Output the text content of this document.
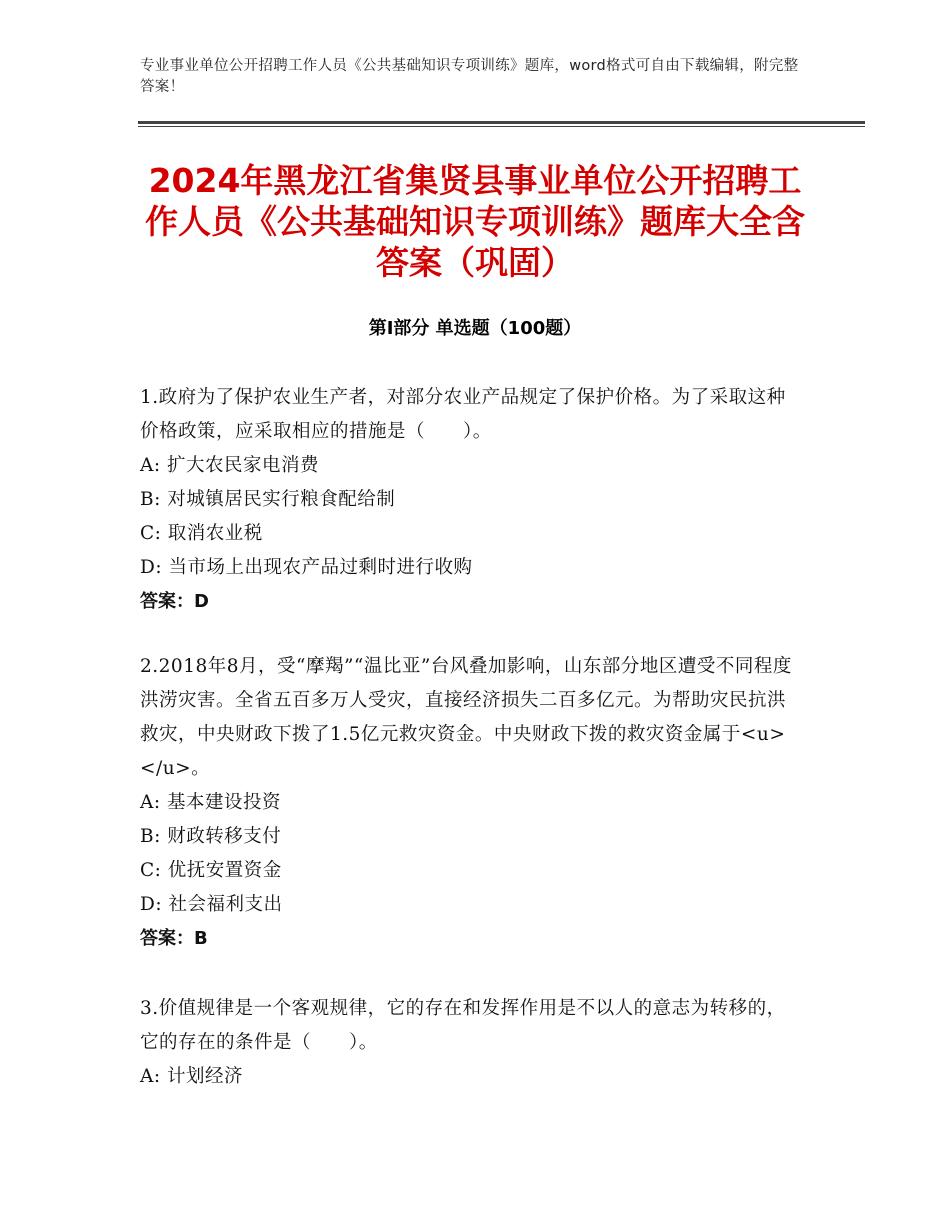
专业事业单位公开招聘工作人员《公共基础知识专项训练》题库，word格式可自由下载编辑，附完整答案！
2024年黑龙江省集贤县事业单位公开招聘工作人员《公共基础知识专项训练》题库大全含答案（巩固）
第Ⅰ部分 单选题（100题）
1.政府为了保护农业生产者，对部分农业产品规定了保护价格。为了采取这种价格政策，应采取相应的措施是（　　）。
A: 扩大农民家电消费
B: 对城镇居民实行粮食配给制
C: 取消农业税
D: 当市场上出现农产品过剩时进行收购
答案：D
2.2018年8月，受“摩羯”“温比亚”台风叠加影响，山东部分地区遭受不同程度洪涝灾害。全省五百多万人受灾，直接经济损失二百多亿元。为帮助灾民抗洪救灾，中央财政下拨了1.5亿元救灾资金。中央财政下拨的救灾资金属于<u>　　　</u>。
A: 基本建设投资
B: 财政转移支付
C: 优抚安置资金
D: 社会福利支出
答案：B
3.价值规律是一个客观规律，它的存在和发挥作用是不以人的意志为转移的，它的存在的条件是（　　）。
A: 计划经济
